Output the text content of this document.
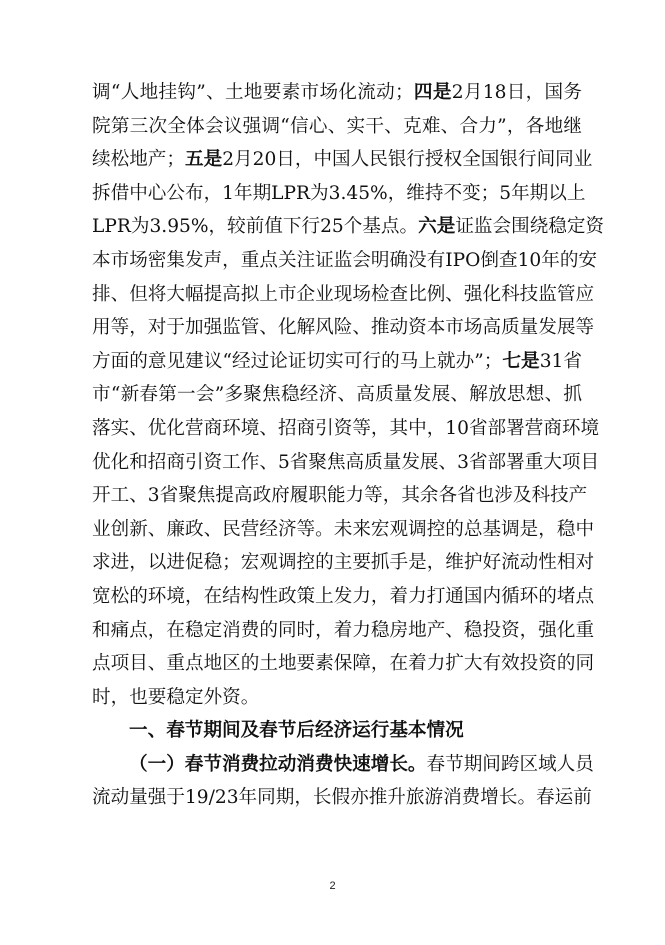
调“人地挂钩”、土地要素市场化流动；四是2月18日，国务
院第三次全体会议强调“信心、实干、克难、合力”，各地继
续松地产；五是2月20日，中国人民银行授权全国银行间同业
拆借中心公布，1年期LPR为3.45%，维持不变；5年期以上
LPR为3.95%，较前值下行25个基点。六是证监会围绕稳定资
本市场密集发声，重点关注证监会明确没有IPO倒查10年的安
排、但将大幅提高拟上市企业现场检查比例、强化科技监管应
用等，对于加强监管、化解风险、推动资本市场高质量发展等
方面的意见建议“经过论证切实可行的马上就办”；七是31省
市“新春第一会”多聚焦稳经济、高质量发展、解放思想、抓
落实、优化营商环境、招商引资等，其中，10省部署营商环境
优化和招商引资工作、5省聚焦高质量发展、3省部署重大项目
开工、3省聚焦提高政府履职能力等，其余各省也涉及科技产
业创新、廉政、民营经济等。未来宏观调控的总基调是，稳中
求进，以进促稳；宏观调控的主要抓手是，维护好流动性相对
宽松的环境，在结构性政策上发力，着力打通国内循环的堵点
和痛点，在稳定消费的同时，着力稳房地产、稳投资，强化重
点项目、重点地区的土地要素保障，在着力扩大有效投资的同
时，也要稳定外资。
一、春节期间及春节后经济运行基本情况
（一）春节消费拉动消费快速增长。春节期间跨区域人员
流动量强于19/23年同期，长假亦推升旅游消费增长。春运前
2
